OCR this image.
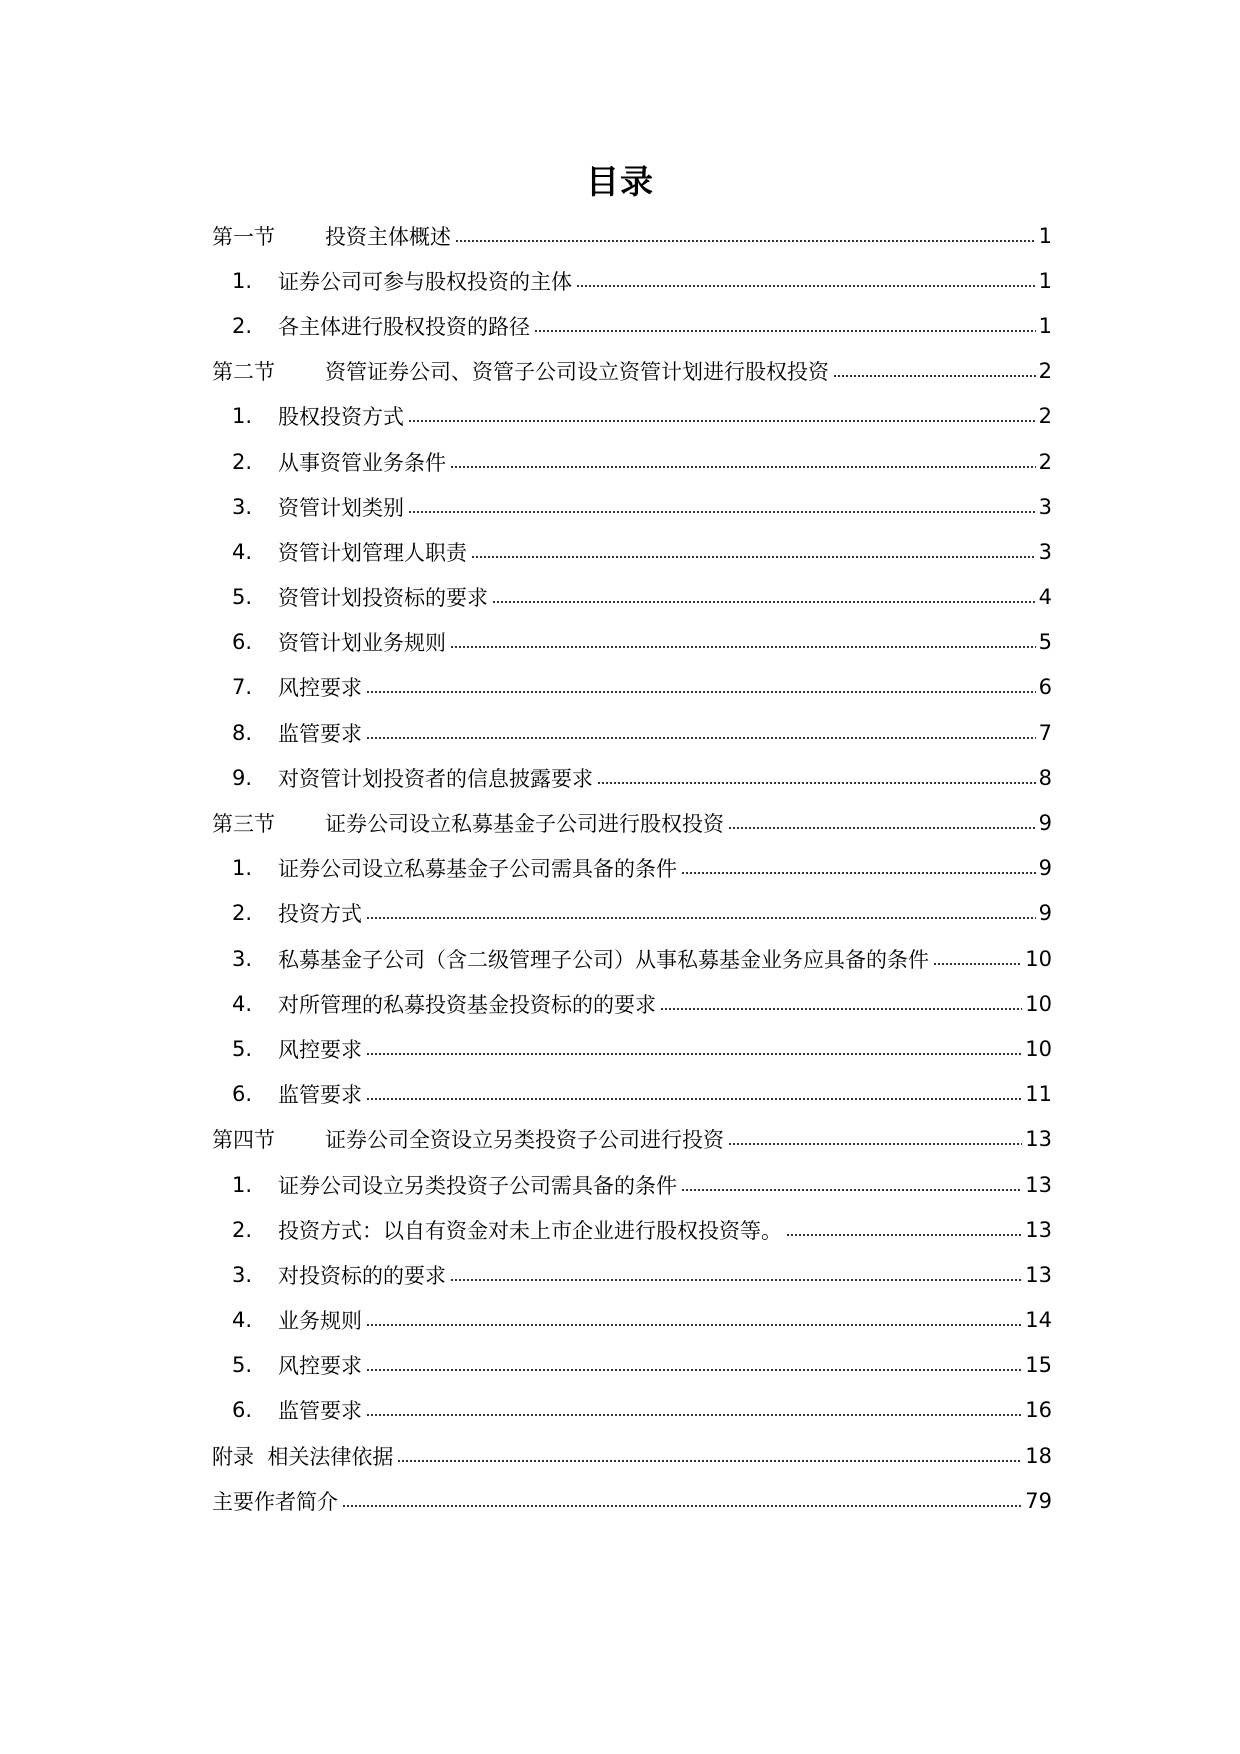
目录
第一节	投资主体概述	1
1.	证券公司可参与股权投资的主体	1
2.	各主体进行股权投资的路径	1
第二节	资管证券公司、资管子公司设立资管计划进行股权投资	2
1.	股权投资方式	2
2.	从事资管业务条件	2
3.	资管计划类别	3
4.	资管计划管理人职责	3
5.	资管计划投资标的要求	4
6.	资管计划业务规则	5
7.	风控要求	6
8.	监管要求	7
9.	对资管计划投资者的信息披露要求	8
第三节	证券公司设立私募基金子公司进行股权投资	9
1.	证券公司设立私募基金子公司需具备的条件	9
2.	投资方式	9
3.	私募基金子公司（含二级管理子公司）从事私募基金业务应具备的条件	10
4.	对所管理的私募投资基金投资标的的要求	10
5.	风控要求	10
6.	监管要求	11
第四节	证券公司全资设立另类投资子公司进行投资	13
1.	证券公司设立另类投资子公司需具备的条件	13
2.	投资方式：以自有资金对未上市企业进行股权投资等。	13
3.	对投资标的的要求	13
4.	业务规则	14
5.	风控要求	15
6.	监管要求	16
附录  相关法律依据	18
主要作者简介	79
